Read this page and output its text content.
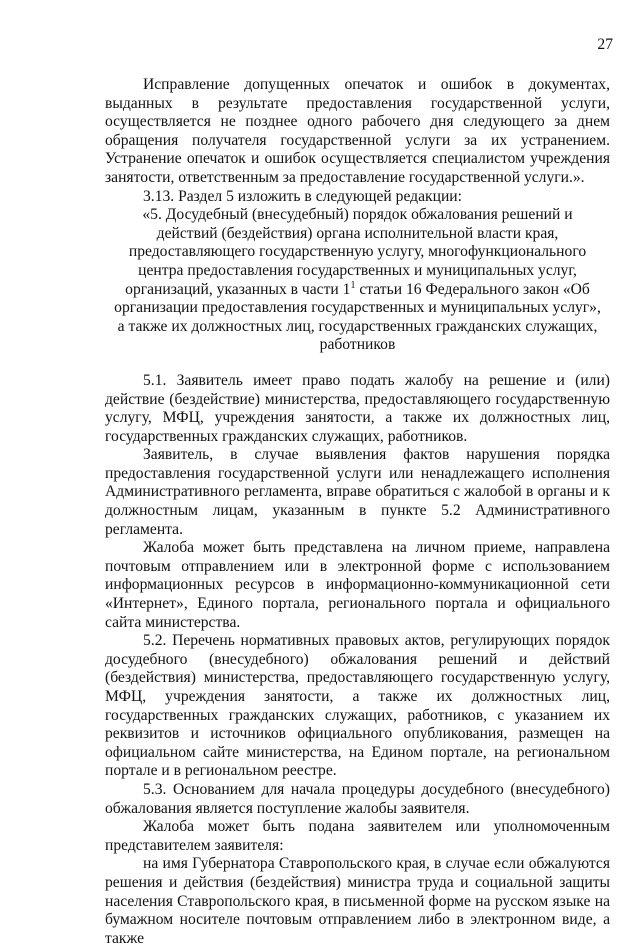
27

Исправление допущенных опечаток и ошибок в документах, выданных в результате предоставления государственной услуги, осуществляется не позднее одного рабочего дня следующего за днем обращения получателя государственной услуги за их устранением. Устранение опечаток и ошибок осуществляется специалистом учреждения занятости, ответственным за предоставление государственной услуги.».

3.13. Раздел 5 изложить в следующей редакции:

«5. Досудебный (внесудебный) порядок обжалования решений и действий (бездействия) органа исполнительной власти края, предоставляющего государственную услугу, многофункционального центра предоставления государственных и муниципальных услуг, организаций, указанных в части $1^1$ статьи 16 Федерального закон «Об организации предоставления государственных и муниципальных услуг», а также их должностных лиц, государственных гражданских служащих, работников

5.1. Заявитель имеет право подать жалобу на решение и (или) действие (бездействие) министерства, предоставляющего государственную услугу, МФЦ, учреждения занятости, а также их должностных лиц, государственных гражданских служащих, работников.

Заявитель, в случае выявления фактов нарушения порядка предоставления государственной услуги или ненадлежащего исполнения Административного регламента, вправе обратиться с жалобой в органы и к должностным лицам, указанным в пункте 5.2 Административного регламента.

Жалоба может быть представлена на личном приеме, направлена почтовым отправлением или в электронной форме с использованием информационных ресурсов в информационно-коммуникационной сети «Интернет», Единого портала, регионального портала и официального сайта министерства.

5.2. Перечень нормативных правовых актов, регулирующих порядок досудебного (внесудебного) обжалования решений и действий (бездействия) министерства, предоставляющего государственную услугу, МФЦ, учреждения занятости, а также их должностных лиц, государственных гражданских служащих, работников, с указанием их реквизитов и источников официального опубликования, размещен на официальном сайте министерства, на Едином портале, на региональном портале и в региональном реестре.

5.3. Основанием для начала процедуры досудебного (внесудебного) обжалования является поступление жалобы заявителя.

Жалоба может быть подана заявителем или уполномоченным представителем заявителя:

на имя Губернатора Ставропольского края, в случае если обжалуются решения и действия (бездействия) министра труда и социальной защиты населения Ставропольского края, в письменной форме на русском языке на бумажном носителе почтовым отправлением либо в электронном виде, а также
